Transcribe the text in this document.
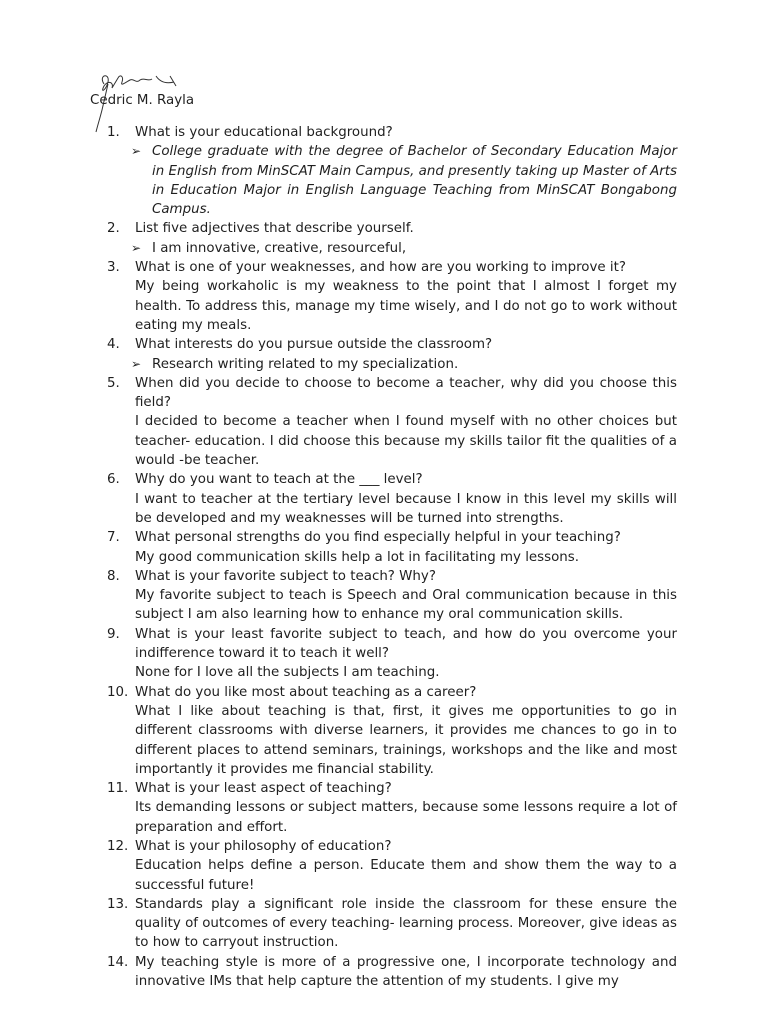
Cedric M. Rayla
1.	What is your educational background?
➢ College graduate with the degree of Bachelor of Secondary Education Major in English from MinSCAT Main Campus, and presently taking up Master of Arts in Education Major in English Language Teaching from MinSCAT Bongabong Campus.
2.	List five adjectives that describe yourself.
➢ I am innovative, creative, resourceful,
3.	What is one of your weaknesses, and how are you working to improve it?
My being workaholic is my weakness to the point that I almost I forget my health. To address this, manage my time wisely, and I do not go to work without eating my meals.
4.	What interests do you pursue outside the classroom?
➢ Research writing related to my specialization.
5.	When did you decide to choose to become a teacher, why did you choose this field?
I decided to become a teacher when I found myself with no other choices but teacher- education. I did choose this because my skills tailor fit the qualities of a would -be teacher.
6.	Why do you want to teach at the ___ level?
I want to teacher at the tertiary level because I know in this level my skills will be developed and my weaknesses will be turned into strengths.
7.	What personal strengths do you find especially helpful in your teaching?
My good communication skills help a lot in facilitating my lessons.
8.	What is your favorite subject to teach? Why?
My favorite subject to teach is Speech and Oral communication because in this subject I am also learning how to enhance my oral communication skills.
9.	What is your least favorite subject to teach, and how do you overcome your indifference toward it to teach it well?
None for I love all the subjects I am teaching.
10. What do you like most about teaching as a career?
What I like about teaching is that, first, it gives me opportunities to go in different classrooms with diverse learners, it provides me chances to go in to different places to attend seminars, trainings, workshops and the like and most importantly it provides me financial stability.
11. What is your least aspect of teaching?
Its demanding lessons or subject matters, because some lessons require a lot of preparation and effort.
12. What is your philosophy of education?
Education helps define a person. Educate them and show them the way to a successful future!
13. Standards play a significant role inside the classroom for these ensure the quality of outcomes of every teaching- learning process. Moreover, give ideas as to how to carryout instruction.
14. My teaching style is more of a progressive one, I incorporate technology and innovative IMs that help capture the attention of my students. I give my
